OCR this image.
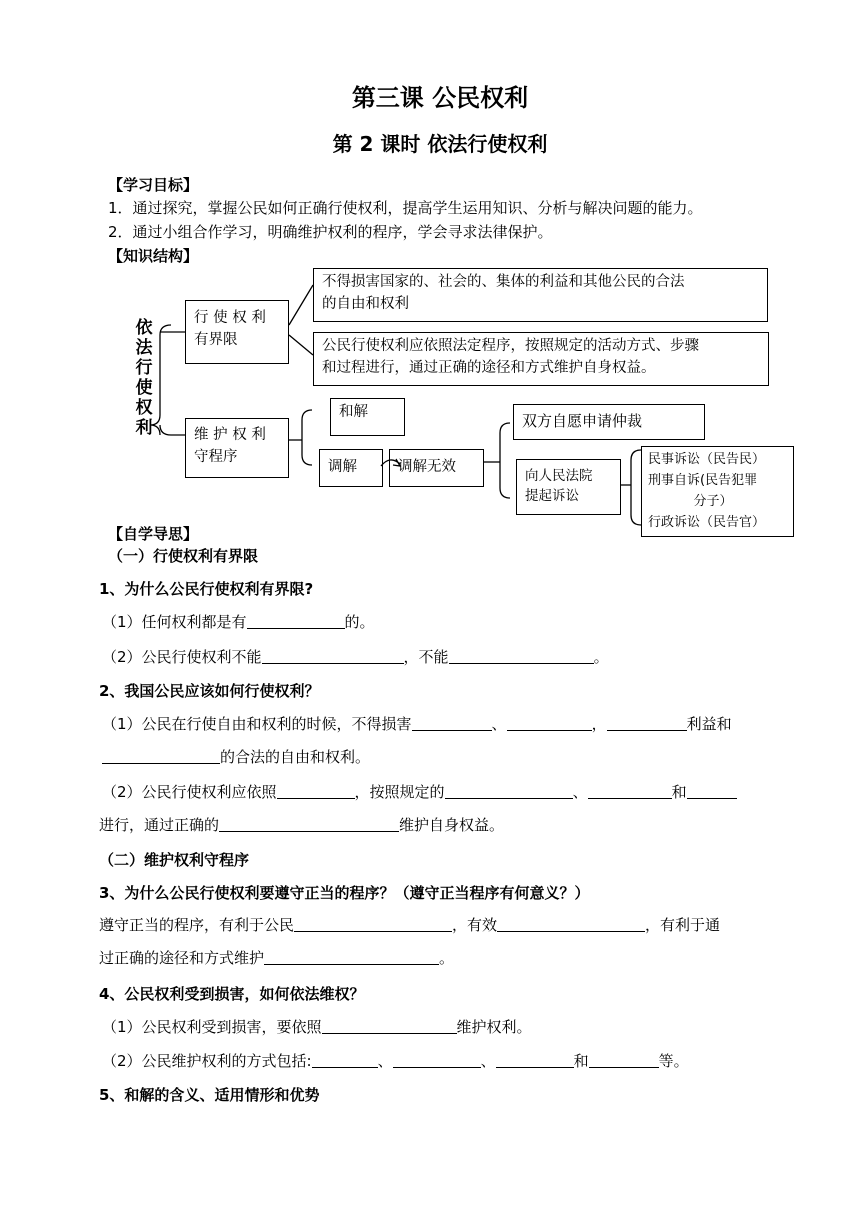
第三课 公民权利
第 2 课时 依法行使权利
【学习目标】
1．通过探究，掌握公民如何正确行使权利，提高学生运用知识、分析与解决问题的能力。
2．通过小组合作学习，明确维护权利的程序，学会寻求法律保护。
【知识结构】
依法行使权利
行 使 权 利
有界限
不得损害国家的、社会的、集体的利益和其他公民的合法
的自由和权利
公民行使权利应依照法定程序，按照规定的活动方式、步骤
和过程进行，通过正确的途径和方式维护自身权益。
维 护 权 利
守程序
和解
调解	调解无效
双方自愿申请仲裁
向人民法院
提起诉讼
民事诉讼（民告民）
刑事自诉(民告犯罪
分子）
行政诉讼（民告官）
【自学导思】
（一）行使权利有界限
1、为什么公民行使权利有界限?
（1）任何权利都是有	的。
（2）公民行使权利不能	，不能	。
2、我国公民应该如何行使权利？
（1）公民在行使自由和权利的时候，不得损害	、	，	利益和
的合法的自由和权利。
（2）公民行使权利应依照	，按照规定的	、	和
进行，通过正确的	维护自身权益。
（二）维护权利守程序
3、为什么公民行使权利要遵守正当的程序？（遵守正当程序有何意义？）
遵守正当的程序，有利于公民	，有效	，有利于通
过正确的途径和方式维护	。
4、公民权利受到损害，如何依法维权？
（1）公民权利受到损害，要依照	维护权利。
（2）公民维护权利的方式包括:	、	、	和	等。
5、和解的含义、适用情形和优势
